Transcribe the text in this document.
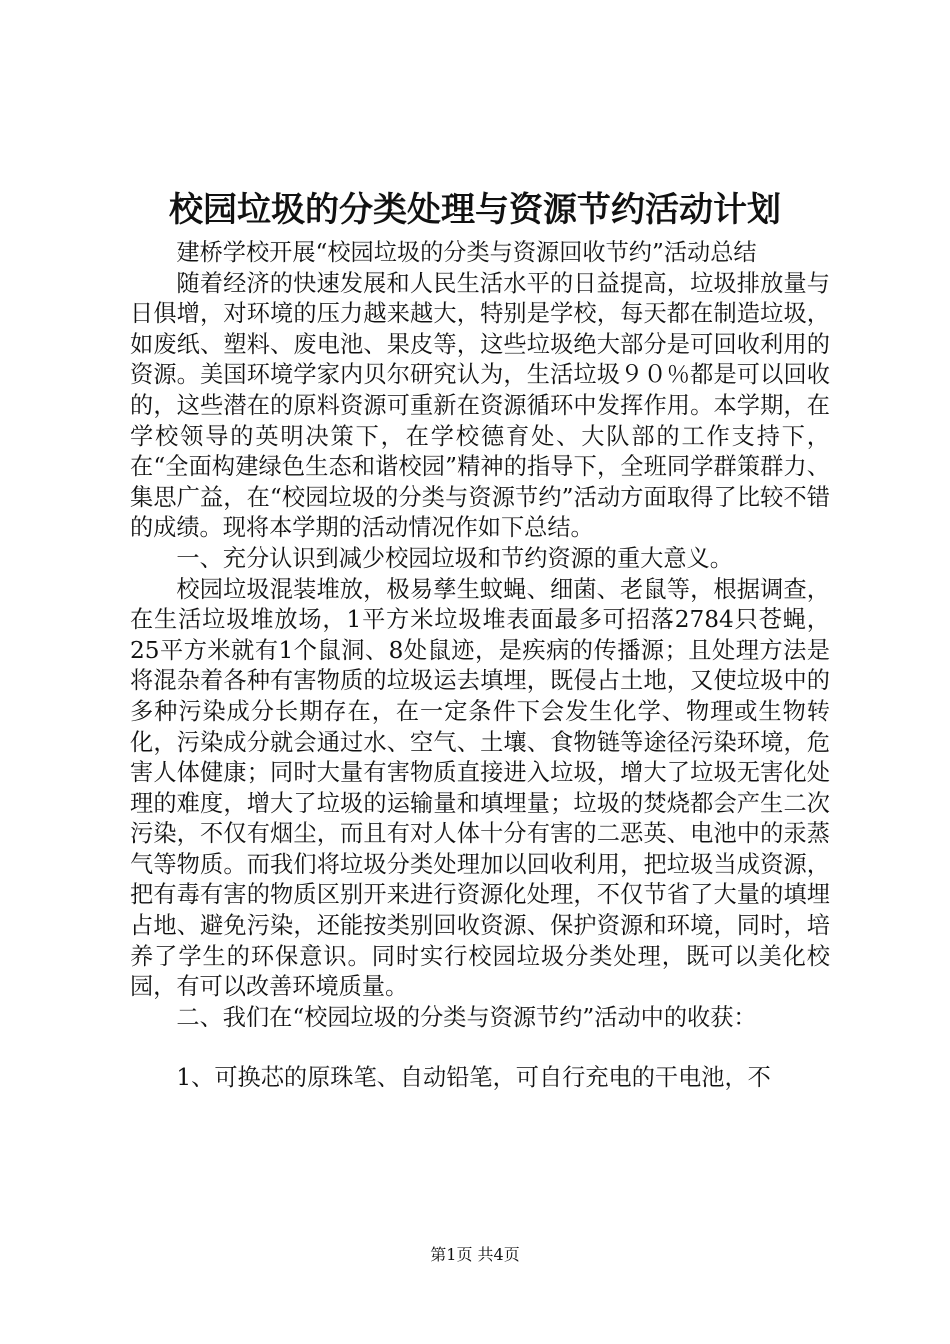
校园垃圾的分类处理与资源节约活动计划

建桥学校开展“校园垃圾的分类与资源回收节约”活动总结

随着经济的快速发展和人民生活水平的日益提高，垃圾排放量与日俱增，对环境的压力越来越大，特别是学校，每天都在制造垃圾，如废纸、塑料、废电池、果皮等，这些垃圾绝大部分是可回收利用的资源。美国环境学家内贝尔研究认为，生活垃圾９０％都是可以回收的，这些潜在的原料资源可重新在资源循环中发挥作用。本学期，在学校领导的英明决策下，在学校德育处、大队部的工作支持下，在“全面构建绿色生态和谐校园”精神的指导下，全班同学群策群力、集思广益，在“校园垃圾的分类与资源节约”活动方面取得了比较不错的成绩。现将本学期的活动情况作如下总结。

一、充分认识到减少校园垃圾和节约资源的重大意义。

校园垃圾混装堆放，极易孳生蚊蝇、细菌、老鼠等，根据调查，在生活垃圾堆放场，1平方米垃圾堆表面最多可招落2784只苍蝇，25平方米就有1个鼠洞、8处鼠迹，是疾病的传播源；且处理方法是将混杂着各种有害物质的垃圾运去填埋，既侵占土地，又使垃圾中的多种污染成分长期存在，在一定条件下会发生化学、物理或生物转化，污染成分就会通过水、空气、土壤、食物链等途径污染环境，危害人体健康；同时大量有害物质直接进入垃圾，增大了垃圾无害化处理的难度，增大了垃圾的运输量和填埋量；垃圾的焚烧都会产生二次污染，不仅有烟尘，而且有对人体十分有害的二恶英、电池中的汞蒸气等物质。而我们将垃圾分类处理加以回收利用，把垃圾当成资源，把有毒有害的物质区别开来进行资源化处理，不仅节省了大量的填埋占地、避免污染，还能按类别回收资源、保护资源和环境，同时，培养了学生的环保意识。同时实行校园垃圾分类处理，既可以美化校园，有可以改善环境质量。

二、我们在“校园垃圾的分类与资源节约”活动中的收获：

1、可换芯的原珠笔、自动铅笔，可自行充电的干电池，不

第1页 共4页
